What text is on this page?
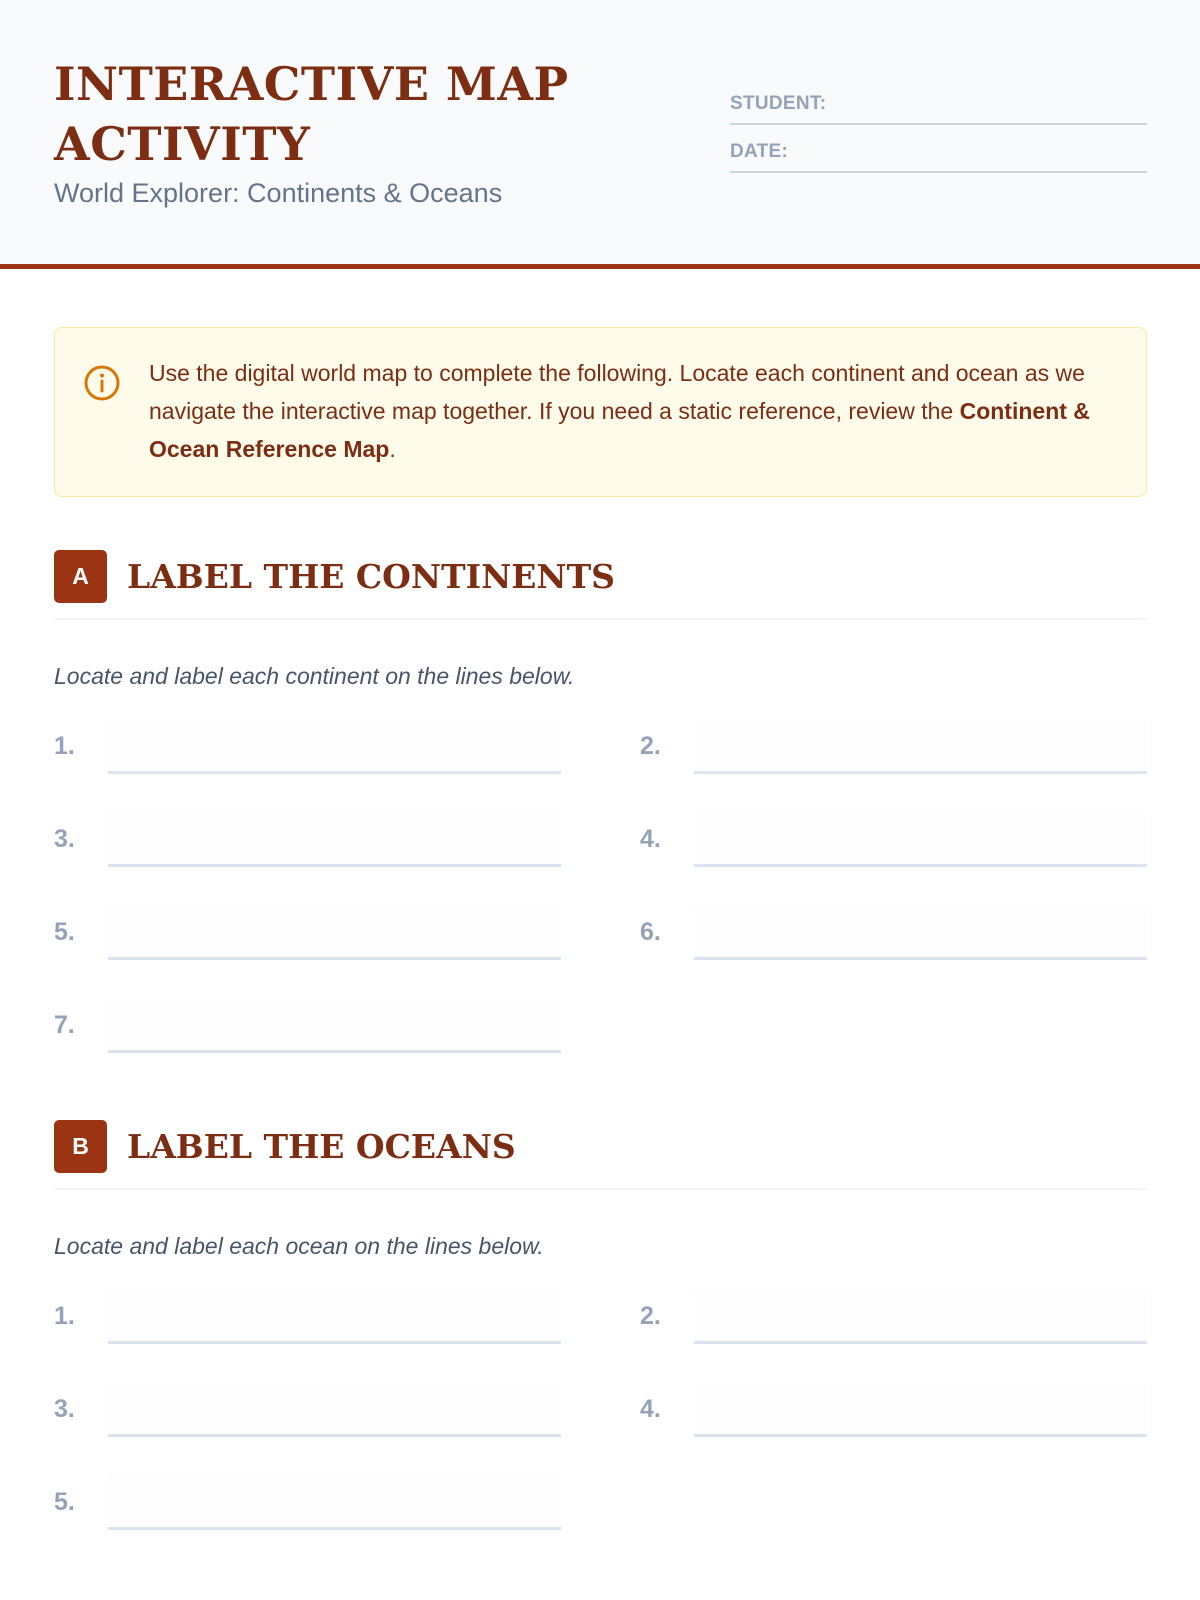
INTERACTIVE MAP ACTIVITY
World Explorer: Continents & Oceans
STUDENT:
DATE:

Use the digital world map to complete the following. Locate each continent and ocean as we navigate the interactive map together. If you need a static reference, review the Continent & Ocean Reference Map.

A	LABEL THE CONTINENTS
Locate and label each continent on the lines below.
1.	2.
3.	4.
5.	6.
7.
B	LABEL THE OCEANS
Locate and label each ocean on the lines below.
1.	2.
3.	4.
5.
